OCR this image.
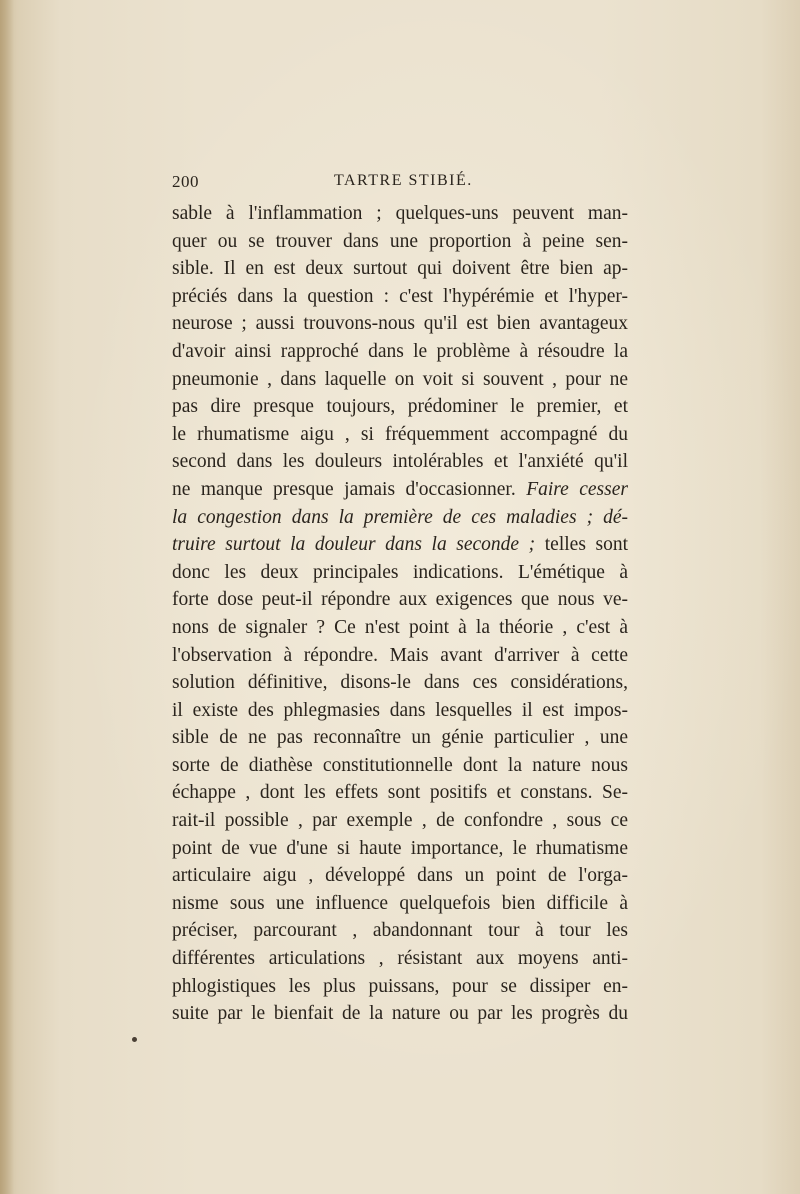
200	TARTRE STIBIÉ.
sable à l'inflammation ; quelques-uns peuvent man-
quer ou se trouver dans une proportion à peine sen-
sible. Il en est deux surtout qui doivent être bien ap-
préciés dans la question : c'est l'hypérémie et l'hyper-
neurose ; aussi trouvons-nous qu'il est bien avantageux
d'avoir ainsi rapproché dans le problème à résoudre la
pneumonie , dans laquelle on voit si souvent , pour ne
pas dire presque toujours, prédominer le premier, et
le rhumatisme aigu , si fréquemment accompagné du
second dans les douleurs intolérables et l'anxiété qu'il
ne manque presque jamais d'occasionner. Faire cesser
la congestion dans la première de ces maladies ; dé-
truire surtout la douleur dans la seconde ; telles sont
donc les deux principales indications. L'émétique à
forte dose peut-il répondre aux exigences que nous ve-
nons de signaler ? Ce n'est point à la théorie , c'est à
l'observation à répondre. Mais avant d'arriver à cette
solution définitive, disons-le dans ces considérations,
il existe des phlegmasies dans lesquelles il est impos-
sible de ne pas reconnaître un génie particulier , une
sorte de diathèse constitutionnelle dont la nature nous
échappe , dont les effets sont positifs et constans. Se-
rait-il possible , par exemple , de confondre , sous ce
point de vue d'une si haute importance, le rhumatisme
articulaire aigu , développé dans un point de l'orga-
nisme sous une influence quelquefois bien difficile à
préciser, parcourant , abandonnant tour à tour les
différentes articulations , résistant aux moyens anti-
phlogistiques les plus puissans, pour se dissiper en-
suite par le bienfait de la nature ou par les progrès du
